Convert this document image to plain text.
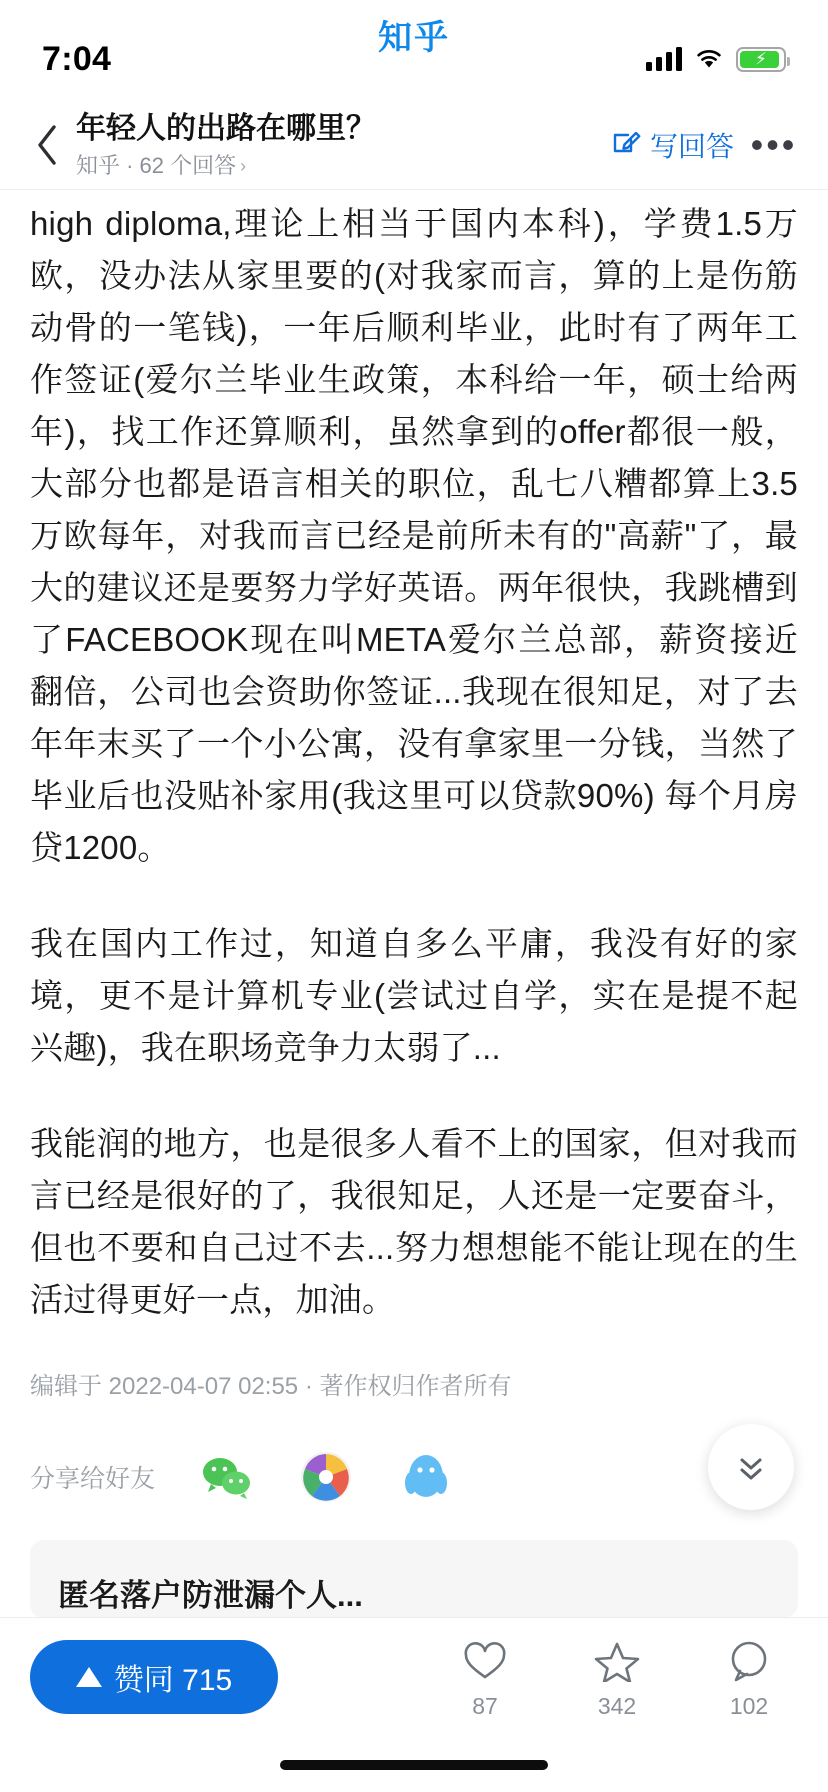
7:04
知乎
⚡
年轻人的出路在哪里？
知乎 · 62 个回答 ›
写回答 •••

high diploma,理论上相当于国内本科)，学费1.5万欧，没办法从家里要的(对我家而言，算的上是伤筋动骨的一笔钱)，一年后顺利毕业，此时有了两年工作签证(爱尔兰毕业生政策，本科给一年，硕士给两年)，找工作还算顺利，虽然拿到的offer都很一般，大部分也都是语言相关的职位，乱七八糟都算上3.5万欧每年，对我而言已经是前所未有的"高薪"了，最大的建议还是要努力学好英语。两年很快，我跳槽到了FACEBOOK现在叫META爱尔兰总部，薪资接近翻倍，公司也会资助你签证...我现在很知足，对了去年年末买了一个小公寓，没有拿家里一分钱，当然了毕业后也没贴补家用(我这里可以贷款90%) 每个月房贷1200。

我在国内工作过，知道自多么平庸，我没有好的家境，更不是计算机专业(尝试过自学，实在是提不起兴趣)，我在职场竞争力太弱了...

我能润的地方，也是很多人看不上的国家，但对我而言已经是很好的了，我很知足，人还是一定要奋斗，但也不要和自己过不去...努力想想能不能让现在的生活过得更好一点，加油。

编辑于 2022-04-07 02:55 · 著作权归作者所有
分享给好友
匿名落户防泄漏个人...
赞同 715
87	342	102
